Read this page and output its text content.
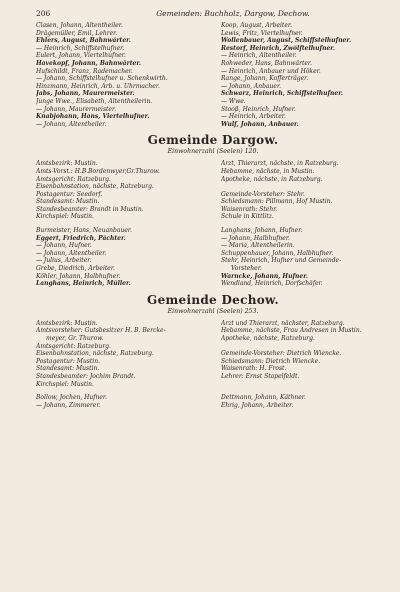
206	Gemeinden: Buchholz, Dargow, Dechow.
Clasen, Johann, Altentheiler.
Drägemüller, Emil, Lehrer.
Ehlers, August, Bahnwärter.
— Heinrich, Schiffstelhufner.
Eulert, Johann, Viertelhufner.
Havekopf, Johann, Bahnwärter.
Hufschildt, Franz, Rademacher.
— Johann, Schiffstelhufner u. Schenkwirth.
Hinzmann, Heinrich, Arb. u. Uhrmacher.
Jabs, Johann, Maurermeister.
Junge Wwe., Elisabeth, Altentheilerin.
— Johann, Maurermeister.
Knabjohann, Hans, Viertelhufner.
— Johann, Altentheiler.
Koop, August, Arbeiter.
Lewis, Fritz, Viertelhufner.
Wollenbauer, August, Schiffstelhufner.
Restorf, Heinrich, Zwölftelhufner.
— Heinrich, Altentheiler.
Rohweder, Hans, Bahnwärter.
— Heinrich, Anbauer und Höker.
Range, Johann, Kofferträger.
— Johann, Anbauer.
Schwarz, Heinrich, Schiffstelhufner.
— Wwe.
Stooß, Heinrich, Hufner.
— Heinrich, Arbeiter.
Wulf, Johann, Anbauer.
Gemeinde Dargow.
Einwohnerzahl (Seelen) 120.
Amtsbezirk: Mustin.
Amts-Vorst.: H.B.Bordenwyer,Gr.Thurow.
Amtsgericht: Ratzeburg.
Eisenbahnstation, nächste, Ratzeburg.
Postagentur: Seedorf.
Standesamt: Mustin.
Standesbeamter: Brandt in Mustin.
Kirchspiel: Mustin.
Arzt, Thierarzt, nächste, in Ratzeburg.
Hebamme, nächste, in Mustin.
Apotheke, nächste, in Ratzeburg.

Gemeinde-Vorsteher: Stehr.
Schiedsmann: Pillmann, Hof Mustin.
Waisenrath: Stehr.
Schule in Kittlitz.
Burmeister, Hans, Neuanbauer.
Eggert, Friedrich, Pächter.
— Johann, Hufner.
— Johann, Altentheiler.
— Julius, Arbeiter.
Grebe, Diedrich, Arbeiter.
Köhler, Johann, Halbhufner.
Langhans, Heinrich, Müller.
Langhans, Johann, Hufner.
— Johann, Halbhufner.
— Maria, Altentheilerin.
Schuppenhauer, Johann, Halbhufner.
Stehr, Heinrich, Hufner und Gemeinde-
Vorsteher.
Warncke, Johann, Hufner.
Wendland, Heinrich, Dorfschäfer.
Gemeinde Dechow.
Einwohnerzahl (Seelen) 253.
Amtsbezirk: Mustin.
Amtsvorsteher: Gutsbesitzer H. B. Bercke-
meyer, Gr. Thurow.
Amtsgericht: Ratzeburg.
Eisenbahnstation, nächste, Ratzeburg.
Postagentur: Mustin.
Standesamt: Mustin.
Standesbeamter: Jochim Brandt.
Kirchspiel: Mustin.
Arzt und Thierarzt, nächster, Ratzeburg.
Hebamme, nächste, Frau Andresen in Mustin.
Apotheke, nächste, Ratzeburg.

Gemeinde-Vorsteher: Dietrich Wiencke.
Schiedsmann: Dietrich Wiencke.
Waisenrath: H. Frost.
Lehrer: Ernst Stapelfeldt.
Bollow, Jochen, Hufner.
— Johann, Zimmerer.
Dettmann, Johann, Käthner.
Ehrig, Johann, Arbeiter.
